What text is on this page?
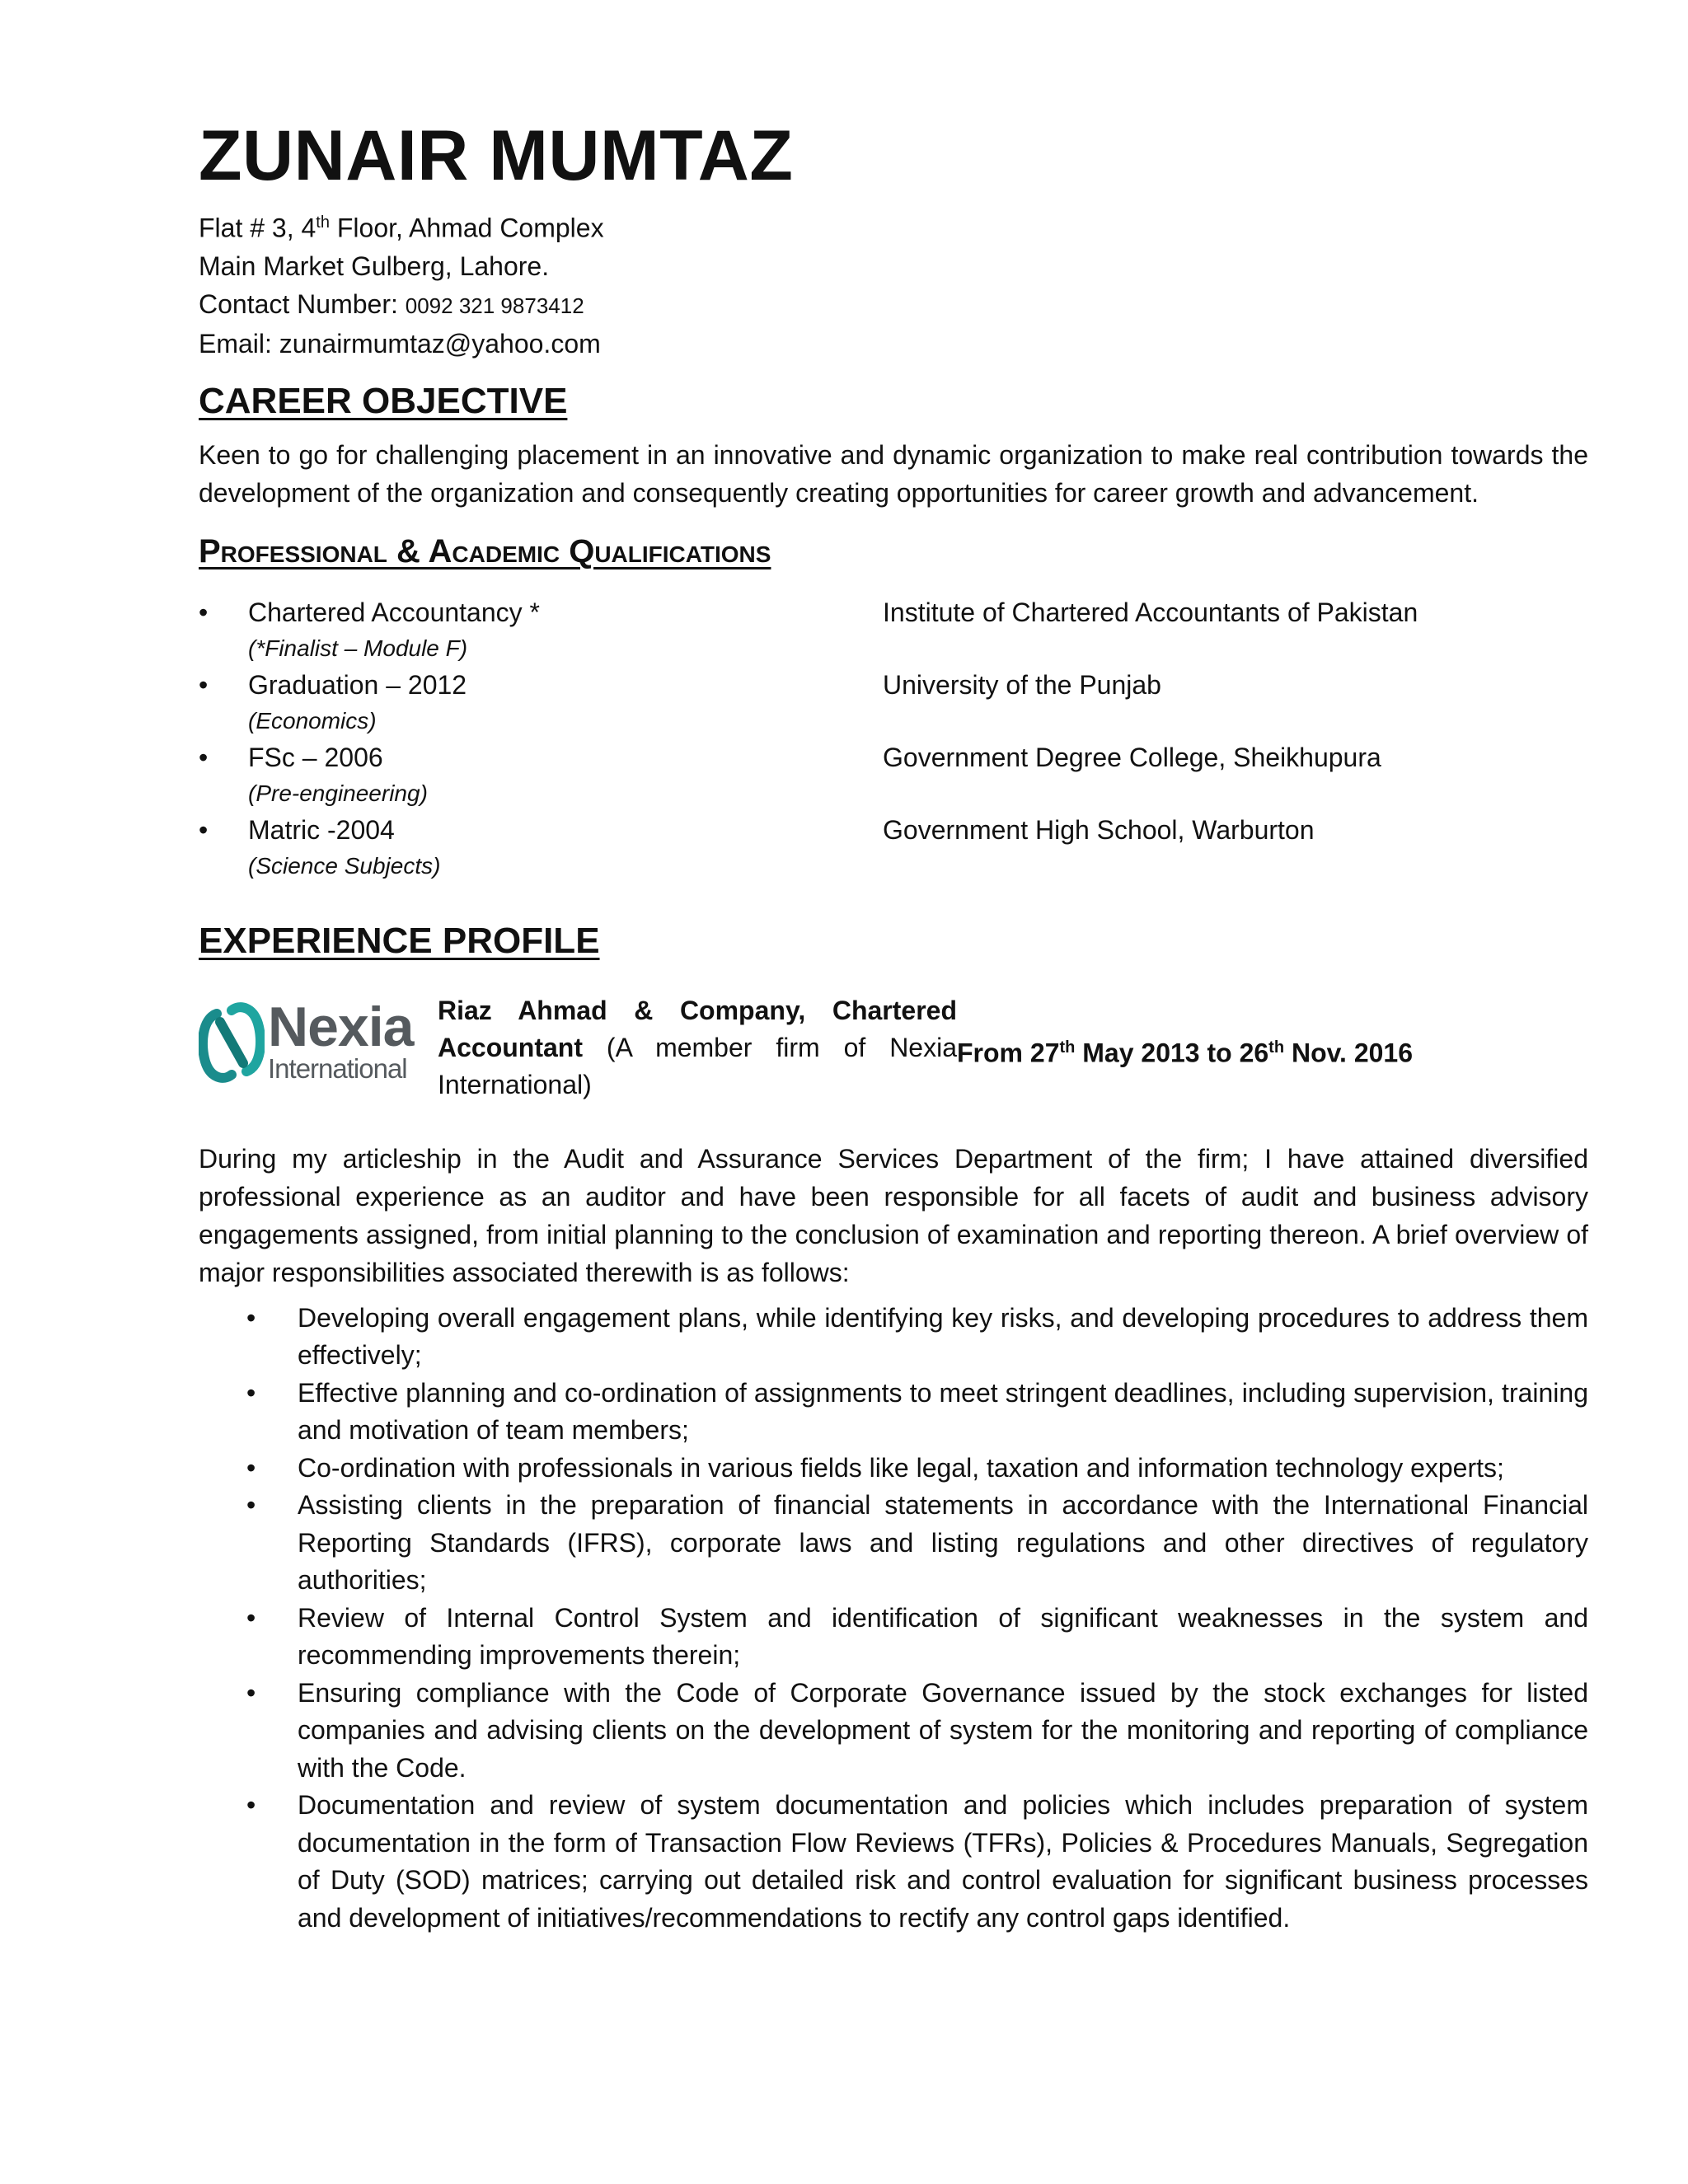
ZUNAIR MUMTAZ
Flat # 3, 4th Floor, Ahmad Complex
Main Market Gulberg, Lahore.
Contact Number: 0092 321 9873412
Email: zunairmumtaz@yahoo.com
CAREER OBJECTIVE

Keen to go for challenging placement in an innovative and dynamic organization to make real contribution towards the development of the organization and consequently creating opportunities for career growth and advancement.

Professional & Academic Qualifications
•	Chartered Accountancy *	Institute of Chartered Accountants of Pakistan
(*Finalist – Module F)
•	Graduation – 2012	University of the Punjab
(Economics)
•	FSc – 2006	Government Degree College, Sheikhupura
(Pre-engineering)
•	Matric -2004	Government High School, Warburton
(Science Subjects)
EXPERIENCE PROFILE
Nexia
International
Riaz Ahmad & Company, Chartered Accountant (A member firm of Nexia International)
From 27th May 2013 to 26th Nov. 2016

During my articleship in the Audit and Assurance Services Department of the firm; I have attained diversified professional experience as an auditor and have been responsible for all facets of audit and business advisory engagements assigned, from initial planning to the conclusion of examination and reporting thereon. A brief overview of major responsibilities associated therewith is as follows:

•	Developing overall engagement plans, while identifying key risks, and developing procedures to address them effectively;
•	Effective planning and co-ordination of assignments to meet stringent deadlines, including supervision, training and motivation of team members;
•	Co-ordination with professionals in various fields like legal, taxation and information technology experts;
•	Assisting clients in the preparation of financial statements in accordance with the International Financial Reporting Standards (IFRS), corporate laws and listing regulations and other directives of regulatory authorities;
•	Review of Internal Control System and identification of significant weaknesses in the system and recommending improvements therein;
•	Ensuring compliance with the Code of Corporate Governance issued by the stock exchanges for listed companies and advising clients on the development of system for the monitoring and reporting of compliance with the Code.
•	Documentation and review of system documentation and policies which includes preparation of system documentation in the form of Transaction Flow Reviews (TFRs), Policies & Procedures Manuals, Segregation of Duty (SOD) matrices; carrying out detailed risk and control evaluation for significant business processes and development of initiatives/recommendations to rectify any control gaps identified.
